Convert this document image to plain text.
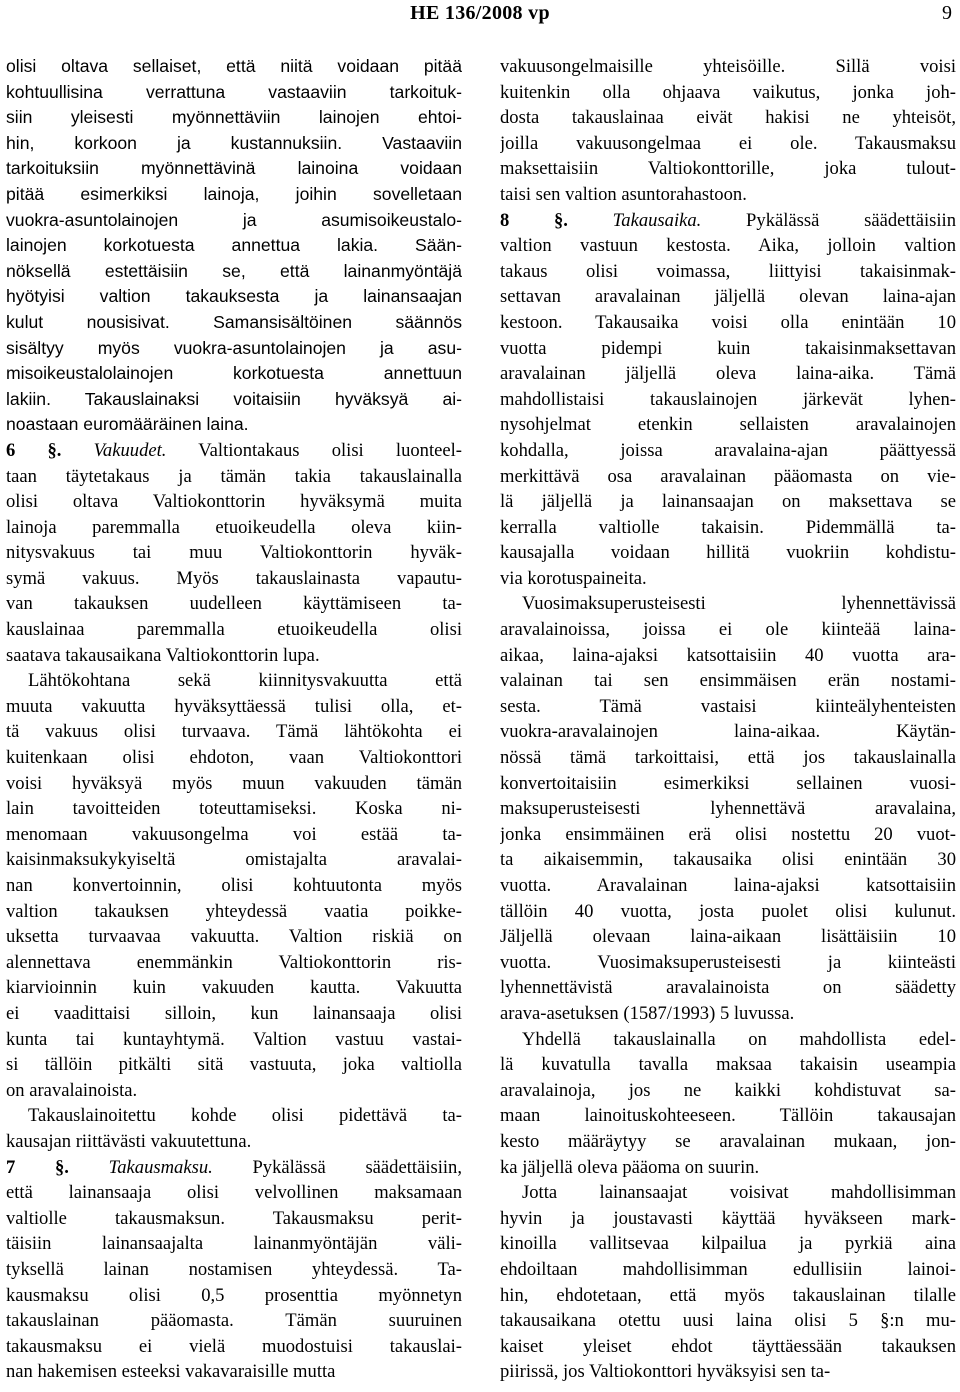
HE 136/2008 vp	9
olisi oltava sellaiset, että niitä voidaan pitää
kohtuullisina verrattuna vastaaviin tarkoituk-
siin yleisesti myönnettäviin lainojen ehtoi-
hin, korkoon ja kustannuksiin. Vastaaviin
tarkoituksiin myönnettävinä lainoina voidaan
pitää esimerkiksi lainoja, joihin sovelletaan
vuokra-asuntolainojen ja asumisoikeustalo-
lainojen korkotuesta annettua lakia. Sään-
nöksellä estettäisiin se, että lainanmyöntäjä
hyötyisi valtion takauksesta ja lainansaajan
kulut nousisivat. Samansisältöinen säännös
sisältyy myös vuokra-asuntolainojen ja asu-
misoikeustalolainojen korkotuesta annettuun
lakiin. Takauslainaksi voitaisiin hyväksyä ai-
noastaan euromääräinen laina.
6 §. Vakuudet. Valtiontakaus olisi luonteel-
taan täytetakaus ja tämän takia takauslainalla
olisi oltava Valtiokonttorin hyväksymä muita
lainoja paremmalla etuoikeudella oleva kiin-
nitysvakuus tai muu Valtiokonttorin hyväk-
symä vakuus. Myös takauslainasta vapautu-
van takauksen uudelleen käyttämiseen ta-
kauslainaa paremmalla etuoikeudella olisi
saatava takausaikana Valtiokonttorin lupa.
Lähtökohtana sekä kiinnitysvakuutta että
muuta vakuutta hyväksyttäessä tulisi olla, et-
tä vakuus olisi turvaava. Tämä lähtökohta ei
kuitenkaan olisi ehdoton, vaan Valtiokonttori
voisi hyväksyä myös muun vakuuden tämän
lain tavoitteiden toteuttamiseksi. Koska ni-
menomaan vakuusongelma voi estää ta-
kaisinmaksukykyiseltä omistajalta aravalai-
nan konvertoinnin, olisi kohtuutonta myös
valtion takauksen yhteydessä vaatia poikke-
uksetta turvaavaa vakuutta. Valtion riskiä on
alennettava enemmänkin Valtiokonttorin ris-
kiarvioinnin kuin vakuuden kautta. Vakuutta
ei vaadittaisi silloin, kun lainansaaja olisi
kunta tai kuntayhtymä. Valtion vastuu vastai-
si tällöin pitkälti sitä vastuuta, joka valtiolla
on aravalainoista.
Takauslainoitettu kohde olisi pidettävä ta-
kausajan riittävästi vakuutettuna.
7 §. Takausmaksu. Pykälässä säädettäisiin,
että lainansaaja olisi velvollinen maksamaan
valtiolle takausmaksun. Takausmaksu perit-
täisiin lainansaajalta lainanmyöntäjän väli-
tyksellä lainan nostamisen yhteydessä. Ta-
kausmaksu olisi 0,5 prosenttia myönnetyn
takauslainan pääomasta. Tämän suuruinen
takausmaksu ei vielä muodostuisi takauslai-
nan hakemisen esteeksi vakavaraisille mutta
vakuusongelmaisille yhteisöille. Sillä voisi
kuitenkin olla ohjaava vaikutus, jonka joh-
dosta takauslainaa eivät hakisi ne yhteisöt,
joilla vakuusongelmaa ei ole. Takausmaksu
maksettaisiin Valtiokonttorille, joka tulout-
taisi sen valtion asuntorahastoon.
8 §. Takausaika. Pykälässä säädettäisiin
valtion vastuun kestosta. Aika, jolloin valtion
takaus olisi voimassa, liittyisi takaisinmak-
settavan aravalainan jäljellä olevan laina-ajan
kestoon. Takausaika voisi olla enintään 10
vuotta pidempi kuin takaisinmaksettavan
aravalainan jäljellä oleva laina-aika. Tämä
mahdollistaisi takauslainojen järkevät lyhen-
nysohjelmat etenkin sellaisten aravalainojen
kohdalla, joissa aravalaina-ajan päättyessä
merkittävä osa aravalainan pääomasta on vie-
lä jäljellä ja lainansaajan on maksettava se
kerralla valtiolle takaisin. Pidemmällä ta-
kausajalla voidaan hillitä vuokriin kohdistu-
via korotuspaineita.
Vuosimaksuperusteisesti lyhennettävissä
aravalainoissa, joissa ei ole kiinteää laina-
aikaa, laina-ajaksi katsottaisiin 40 vuotta ara-
valainan tai sen ensimmäisen erän nostami-
sesta. Tämä vastaisi kiinteälyhenteisten
vuokra-aravalainojen laina-aikaa. Käytän-
nössä tämä tarkoittaisi, että jos takauslainalla
konvertoitaisiin esimerkiksi sellainen vuosi-
maksuperusteisesti lyhennettävä aravalaina,
jonka ensimmäinen erä olisi nostettu 20 vuot-
ta aikaisemmin, takausaika olisi enintään 30
vuotta. Aravalainan laina-ajaksi katsottaisiin
tällöin 40 vuotta, josta puolet olisi kulunut.
Jäljellä olevaan laina-aikaan lisättäisiin 10
vuotta. Vuosimaksuperusteisesti ja kiinteästi
lyhennettävistä aravalainoista on säädetty
arava-asetuksen (1587/1993) 5 luvussa.
Yhdellä takauslainalla on mahdollista edel-
lä kuvatulla tavalla maksaa takaisin useampia
aravalainoja, jos ne kaikki kohdistuvat sa-
maan lainoituskohteeseen. Tällöin takausajan
kesto määräytyy se aravalainan mukaan, jon-
ka jäljellä oleva pääoma on suurin.
Jotta lainansaajat voisivat mahdollisimman
hyvin ja joustavasti käyttää hyväkseen mark-
kinoilla vallitsevaa kilpailua ja pyrkiä aina
ehdoiltaan mahdollisimman edullisiin lainoi-
hin, ehdotetaan, että myös takauslainan tilalle
takausaikana otettu uusi laina olisi 5 §:n mu-
kaiset yleiset ehdot täyttäessään takauksen
piirissä, jos Valtiokonttori hyväksyisi sen ta-
